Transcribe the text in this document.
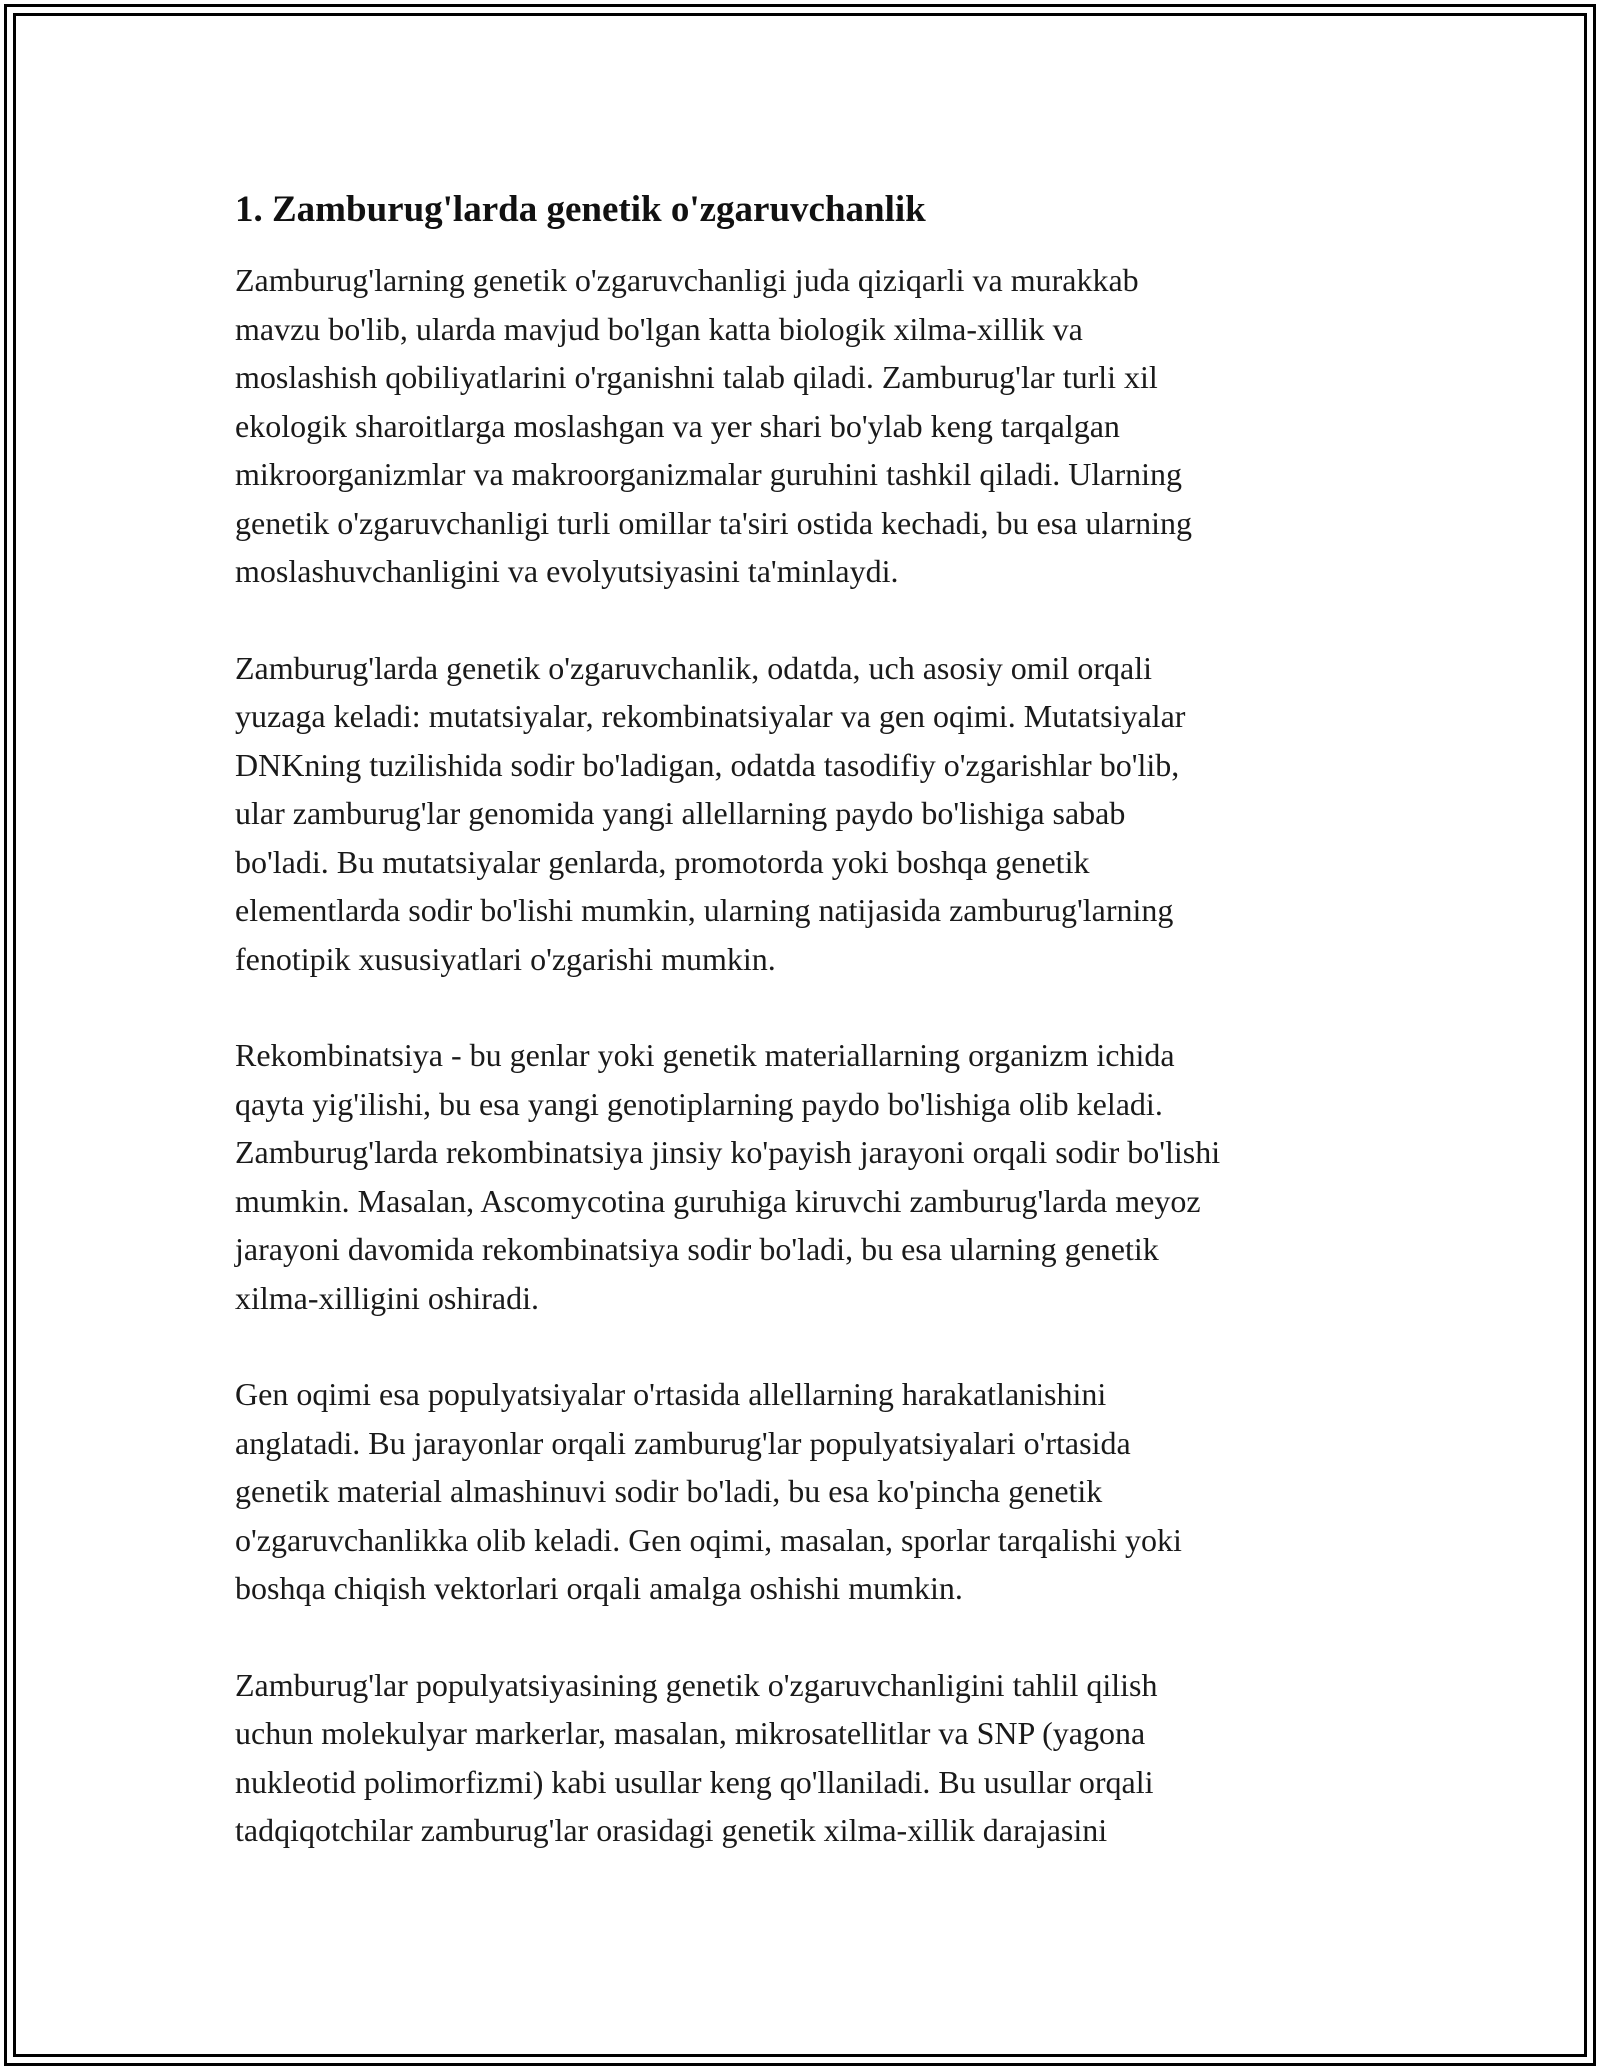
1. Zamburug'larda genetik o'zgaruvchanlik
Zamburug'larning genetik o'zgaruvchanligi juda qiziqarli va murakkab
mavzu bo'lib, ularda mavjud bo'lgan katta biologik xilma-xillik va
moslashish qobiliyatlarini o'rganishni talab qiladi. Zamburug'lar turli xil
ekologik sharoitlarga moslashgan va yer shari bo'ylab keng tarqalgan
mikroorganizmlar va makroorganizmalar guruhini tashkil qiladi. Ularning
genetik o'zgaruvchanligi turli omillar ta'siri ostida kechadi, bu esa ularning
moslashuvchanligini va evolyutsiyasini ta'minlaydi.
Zamburug'larda genetik o'zgaruvchanlik, odatda, uch asosiy omil orqali
yuzaga keladi: mutatsiyalar, rekombinatsiyalar va gen oqimi. Mutatsiyalar
DNKning tuzilishida sodir bo'ladigan, odatda tasodifiy o'zgarishlar bo'lib,
ular zamburug'lar genomida yangi allellarning paydo bo'lishiga sabab
bo'ladi. Bu mutatsiyalar genlarda, promotorda yoki boshqa genetik
elementlarda sodir bo'lishi mumkin, ularning natijasida zamburug'larning
fenotipik xususiyatlari o'zgarishi mumkin.
Rekombinatsiya - bu genlar yoki genetik materiallarning organizm ichida
qayta yig'ilishi, bu esa yangi genotiplarning paydo bo'lishiga olib keladi.
Zamburug'larda rekombinatsiya jinsiy ko'payish jarayoni orqali sodir bo'lishi
mumkin. Masalan, Ascomycotina guruhiga kiruvchi zamburug'larda meyoz
jarayoni davomida rekombinatsiya sodir bo'ladi, bu esa ularning genetik
xilma-xilligini oshiradi.
Gen oqimi esa populyatsiyalar o'rtasida allellarning harakatlanishini
anglatadi. Bu jarayonlar orqali zamburug'lar populyatsiyalari o'rtasida
genetik material almashinuvi sodir bo'ladi, bu esa ko'pincha genetik
o'zgaruvchanlikka olib keladi. Gen oqimi, masalan, sporlar tarqalishi yoki
boshqa chiqish vektorlari orqali amalga oshishi mumkin.
Zamburug'lar populyatsiyasining genetik o'zgaruvchanligini tahlil qilish
uchun molekulyar markerlar, masalan, mikrosatellitlar va SNP (yagona
nukleotid polimorfizmi) kabi usullar keng qo'llaniladi. Bu usullar orqali
tadqiqotchilar zamburug'lar orasidagi genetik xilma-xillik darajasini
